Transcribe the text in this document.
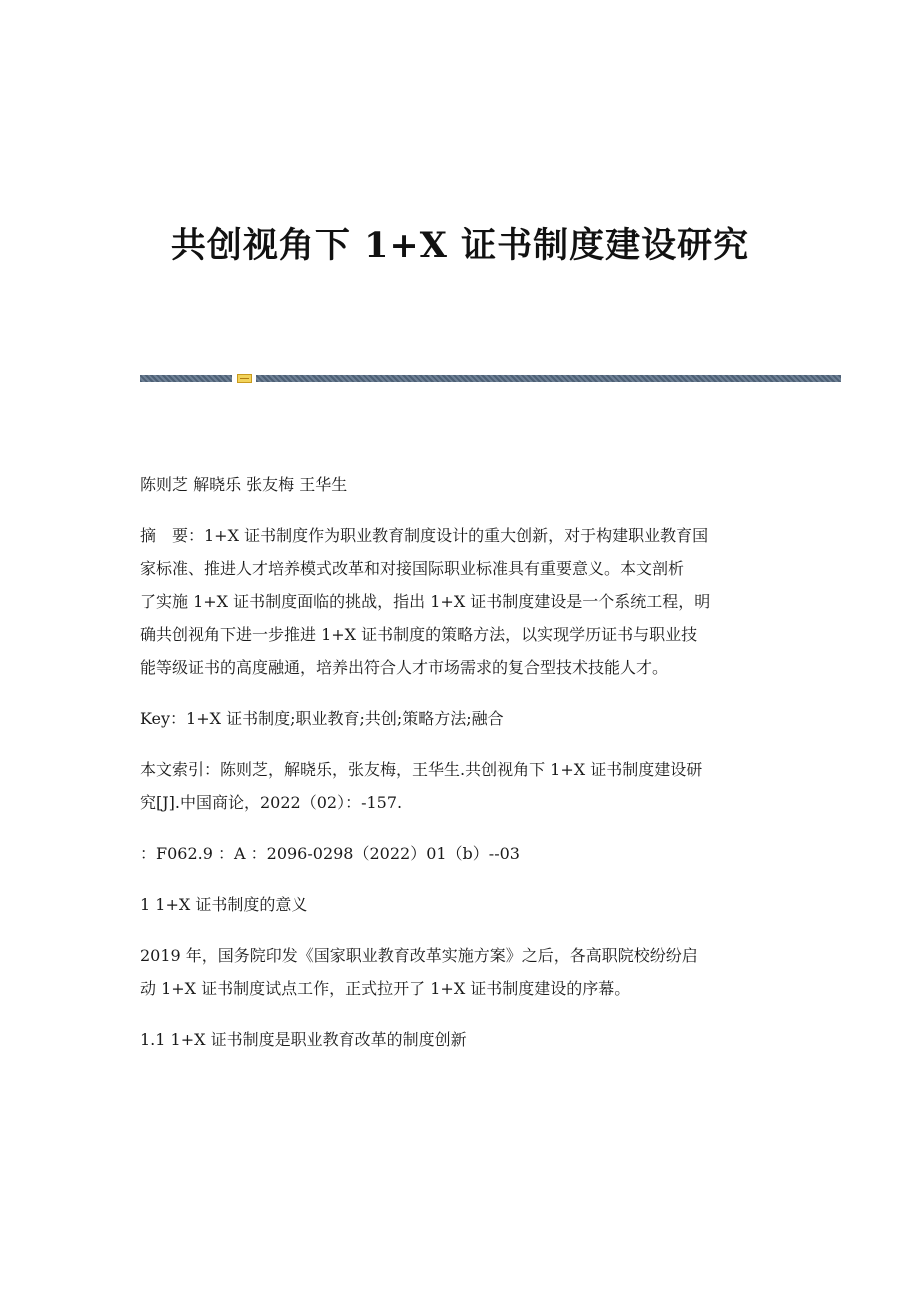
共创视角下 1+X 证书制度建设研究
陈则芝 解晓乐 张友梅 王华生
摘　要：1+X 证书制度作为职业教育制度设计的重大创新，对于构建职业教育国
家标准、推进人才培养模式改革和对接国际职业标准具有重要意义。本文剖析
了实施 1+X 证书制度面临的挑战，指出 1+X 证书制度建设是一个系统工程，明
确共创视角下进一步推进 1+X 证书制度的策略方法，以实现学历证书与职业技
能等级证书的高度融通，培养出符合人才市场需求的复合型技术技能人才。
Key：1+X 证书制度;职业教育;共创;策略方法;融合
本文索引：陈则芝，解晓乐，张友梅，王华生.共创视角下 1+X 证书制度建设研
究[J].中国商论，2022（02）：-157.
：F062.9 ：A ：2096-0298（2022）01（b）--03
1 1+X 证书制度的意义
2019 年，国务院印发《国家职业教育改革实施方案》之后，各高职院校纷纷启
动 1+X 证书制度试点工作，正式拉开了 1+X 证书制度建设的序幕。
1.1 1+X 证书制度是职业教育改革的制度创新
